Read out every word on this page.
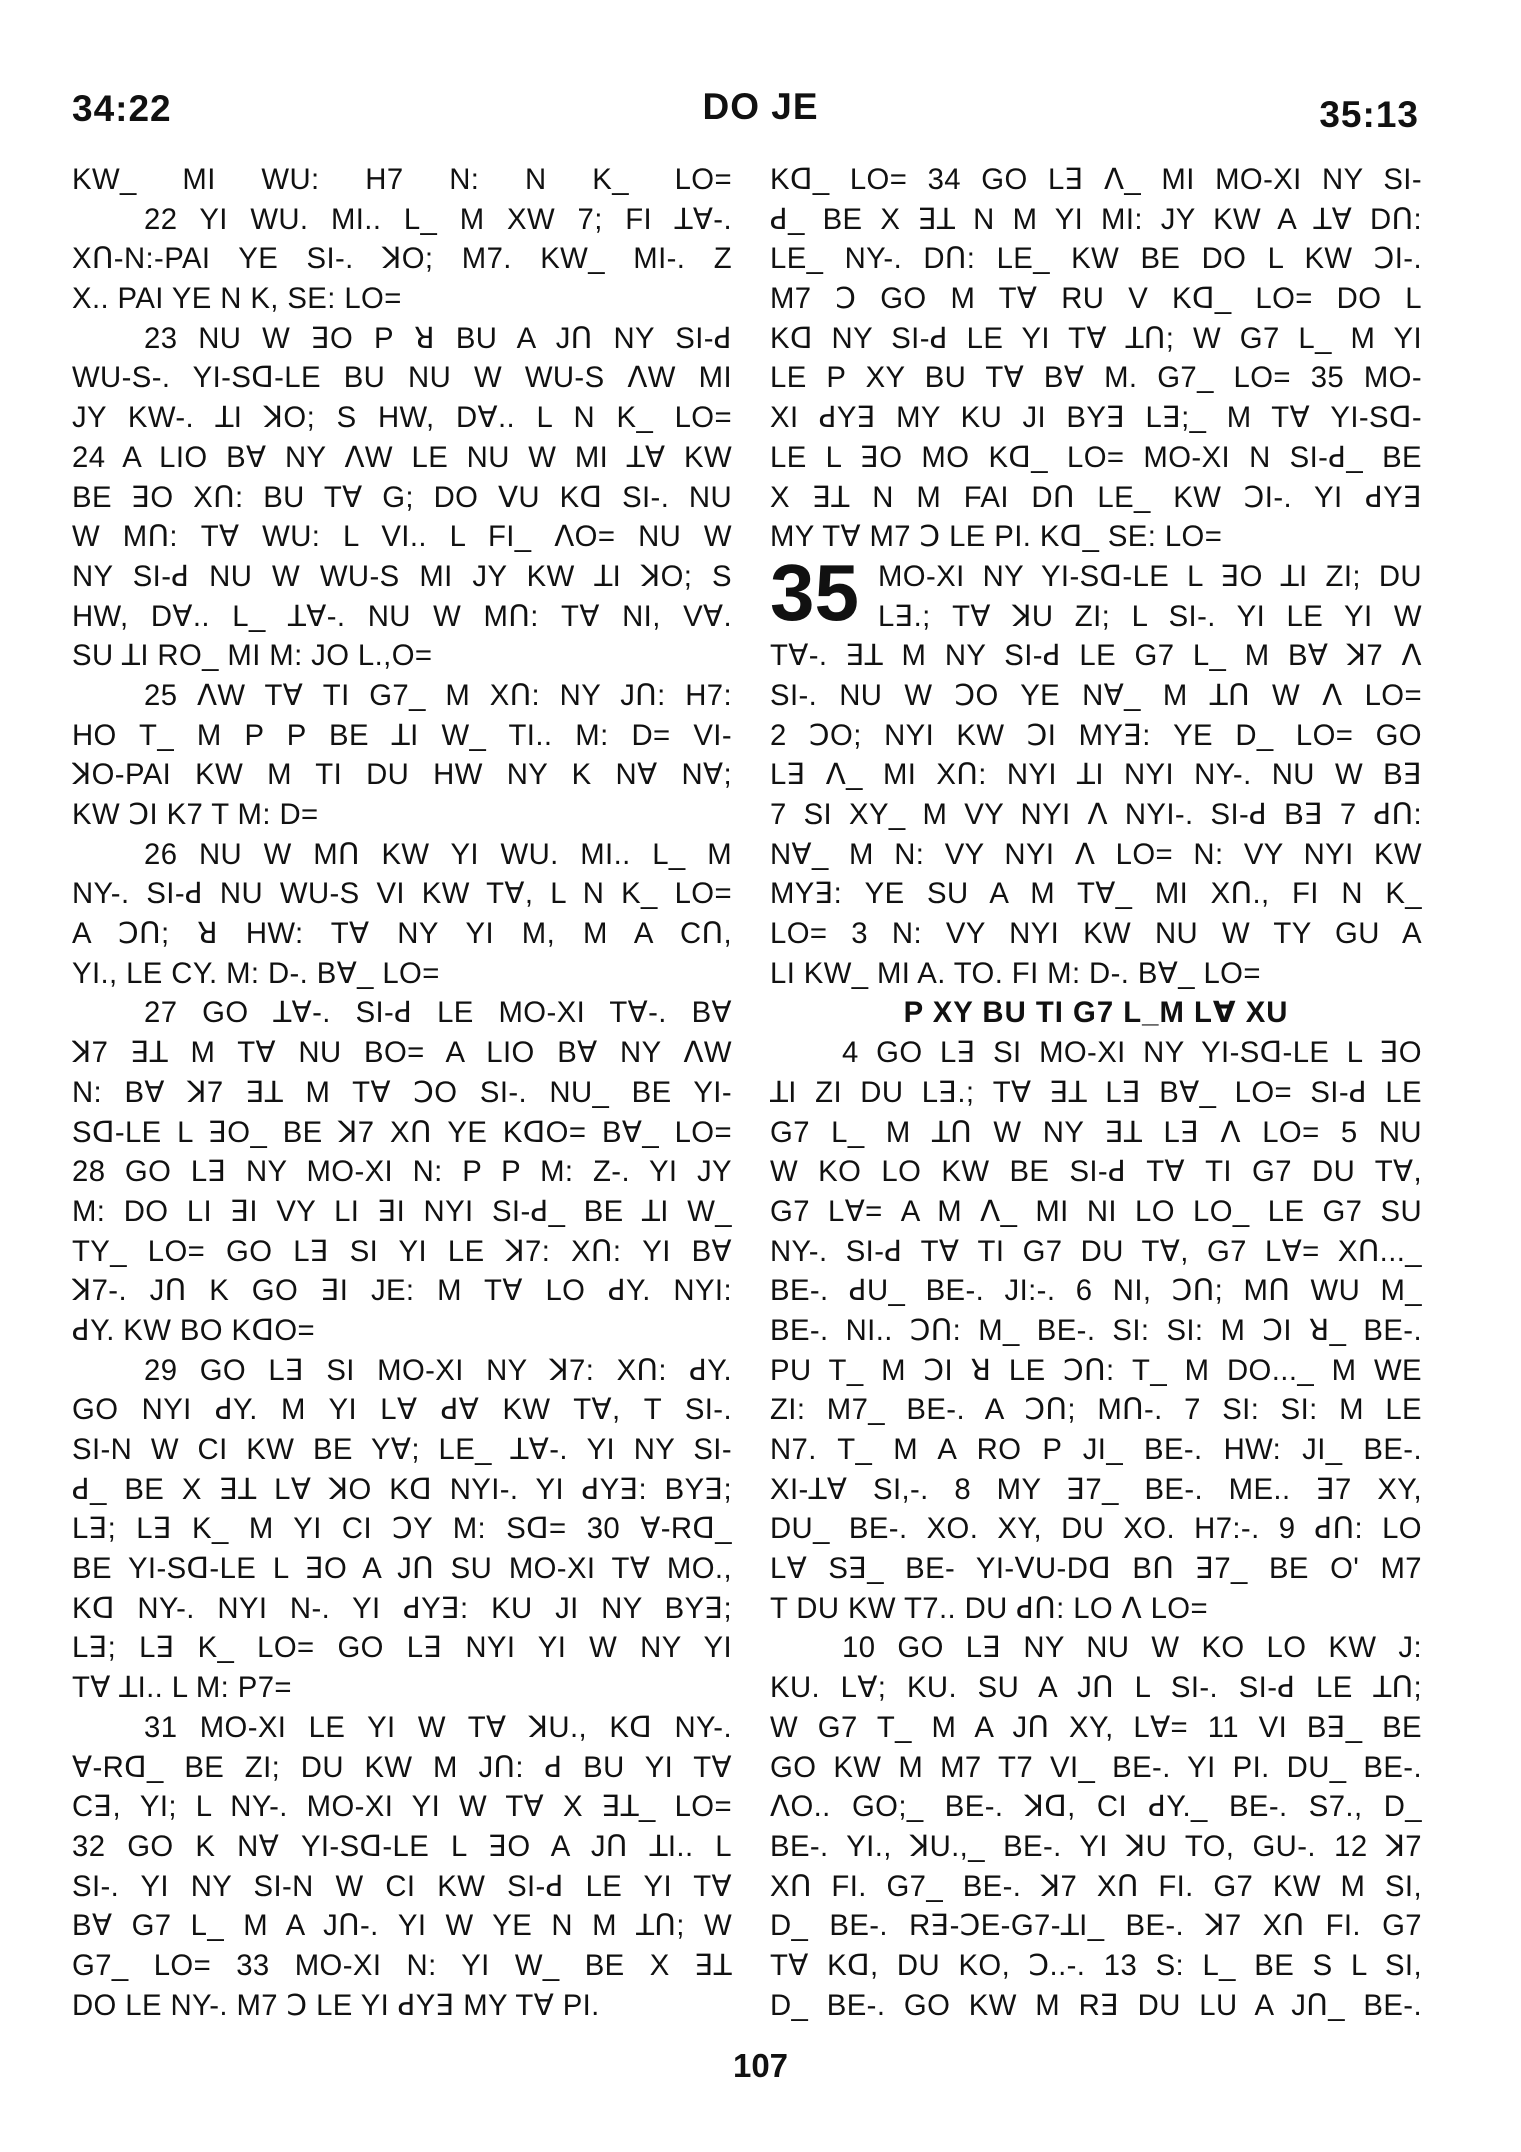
34:22	DO JE	35:13
KW_ MI WU: H7 N: N K_ LO=
22 YI WU. MI.. L_ M XW 7; FI ꓕꓯ-.
Xꓵ-N:-PAI YE SI-. ꓘO; M7. KW_ MI-. Z
X.. PAI YE N K, SE: LO=
23 NU W ꓱO P ꓤ BU A Jꓵ NY SI-ꓒ
WU-S-. YI-Sꓷ-LE BU NU W WU-S ꓥW MI
JY KW-. ꓕI ꓘO; S HW, Dꓯ.. L N K_ LO=
24 A LIO Bꓯ NY ꓥW LE NU W MI ꓕꓯ KW
BE ꓱO Xꓵ: BU Tꓯ G; DO ꓦU Kꓷ SI-. NU
W Mꓵ: Tꓯ WU: L VI.. L FI_ ꓥO= NU W
NY SI-ꓒ NU W WU-S MI JY KW ꓕI ꓘO; S
HW, Dꓯ.. L_ ꓕꓯ-. NU W Mꓵ: Tꓯ NI, Vꓯ.
SU ꓕI RO_ MI M: JO L.,O=
25 ꓥW Tꓯ TI G7_ M Xꓵ: NY Jꓵ: H7:
HO T_ M P P BE ꓕI W_ TI.. M: D= VI-
ꓘO-PAI KW M TI DU HW NY K Nꓯ Nꓯ;
KW ꓛI K7 T M: D=
26 NU W Mꓵ KW YI WU. MI.. L_ M
NY-. SI-ꓒ NU WU-S VI KW Tꓯ, L N K_ LO=
A ꓛꓵ; ꓤ HW: Tꓯ NY YI M, M A Cꓵ,
YI., LE CY. M: D-. Bꓯ_ LO=
27 GO ꓕꓯ-. SI-ꓒ LE MO-XI Tꓯ-. Bꓯ
ꓘ7 ꓱꓕ M Tꓯ NU BO= A LIO Bꓯ NY ꓥW
N: Bꓯ ꓘ7 ꓱꓕ M Tꓯ ꓛO SI-. NU_ BE YI-
Sꓷ-LE L ꓱO_ BE ꓘ7 Xꓵ YE KꓷO= Bꓯ_ LO=
28 GO Lꓱ NY MO-XI N: P P M: Z-. YI JY
M: DO LI ꓱI VY LI ꓱI NYI SI-ꓒ_ BE ꓕI W_
TY_ LO= GO Lꓱ SI YI LE ꓘ7: Xꓵ: YI Bꓯ
ꓘ7-. Jꓵ K GO ꓱI JE: M Tꓯ LO ꓒY. NYI:
ꓒY. KW BO KꓷO=
29 GO Lꓱ SI MO-XI NY ꓘ7: Xꓵ: ꓒY.
GO NYI ꓒY. M YI Lꓯ ꓒꓯ KW Tꓯ, T SI-.
SI-N W CI KW BE Yꓯ; LE_ ꓕꓯ-. YI NY SI-
ꓒ_ BE X ꓱꓕ Lꓯ ꓘO Kꓷ NYI-. YI ꓒYꓱ: BYꓱ;
Lꓱ; Lꓱ K_ M YI CI ꓛY M: Sꓷ= 30 ꓯ-Rꓷ_
BE YI-Sꓷ-LE L ꓱO A Jꓵ SU MO-XI Tꓯ MO.,
Kꓷ NY-. NYI N-. YI ꓒYꓱ: KU JI NY BYꓱ;
Lꓱ; Lꓱ K_ LO= GO Lꓱ NYI YI W NY YI
Tꓯ ꓕI.. L M: P7=
31 MO-XI LE YI W Tꓯ ꓘU., Kꓷ NY-.
ꓯ-Rꓷ_ BE ZI; DU KW M Jꓵ: ꓒ BU YI Tꓯ
Cꓱ, YI; L NY-. MO-XI YI W Tꓯ X ꓱꓕ_ LO=
32 GO K Nꓯ YI-Sꓷ-LE L ꓱO A Jꓵ ꓕI.. L
SI-. YI NY SI-N W CI KW SI-ꓒ LE YI Tꓯ
Bꓯ G7 L_ M A Jꓵ-. YI W YE N M ꓕꓵ; W
G7_ LO= 33 MO-XI N: YI W_ BE X ꓱꓕ
DO LE NY-. M7 ꓛ LE YI ꓒYꓱ MY Tꓯ PI.
Kꓷ_ LO= 34 GO Lꓱ ꓥ_ MI MO-XI NY SI-
ꓒ_ BE X ꓱꓕ N M YI MI: JY KW A ꓕꓯ Dꓵ:
LE_ NY-. Dꓵ: LE_ KW BE DO L KW ꓛI-.
M7 ꓛ GO M Tꓯ RU V Kꓷ_ LO= DO L
Kꓷ NY SI-ꓒ LE YI Tꓯ ꓕꓵ; W G7 L_ M YI
LE P XY BU Tꓯ Bꓯ M. G7_ LO= 35 MO-
XI ꓒYꓱ MY KU JI BYꓱ Lꓱ;_ M Tꓯ YI-Sꓷ-
LE L ꓱO MO Kꓷ_ LO= MO-XI N SI-ꓒ_ BE
X ꓱꓕ N M FAI Dꓵ LE_ KW ꓛI-. YI ꓒYꓱ
MY Tꓯ M7 ꓛ LE PI. Kꓷ_ SE: LO=
MO-XI NY YI-Sꓷ-LE L ꓱO ꓕI ZI; DU
Lꓱ.; Tꓯ ꓘU ZI; L SI-. YI LE YI W
Tꓯ-. ꓱꓕ M NY SI-ꓒ LE G7 L_ M Bꓯ ꓘ7 ꓥ
SI-. NU W ꓛO YE Nꓯ_ M ꓕꓵ W ꓥ LO=
2 ꓛO; NYI KW ꓛI MYꓱ: YE D_ LO= GO
Lꓱ ꓥ_ MI Xꓵ: NYI ꓕI NYI NY-. NU W Bꓱ
7 SI XY_ M VY NYI ꓥ NYI-. SI-ꓒ Bꓱ 7 ꓒꓵ:
Nꓯ_ M N: VY NYI ꓥ LO= N: VY NYI KW
MYꓱ: YE SU A M Tꓯ_ MI Xꓵ., FI N K_
LO= 3 N: VY NYI KW NU W TY GU A
LI KW_ MI A. TO. FI M: D-. Bꓯ_ LO=
P XY BU TI G7 L_M Lꓯ XU
4 GO Lꓱ SI MO-XI NY YI-Sꓷ-LE L ꓱO
ꓕI ZI DU Lꓱ.; Tꓯ ꓱꓕ Lꓱ Bꓯ_ LO= SI-ꓒ LE
G7 L_ M ꓕꓵ W NY ꓱꓕ Lꓱ ꓥ LO= 5 NU
W KO LO KW BE SI-ꓒ Tꓯ TI G7 DU Tꓯ,
G7 Lꓯ= A M ꓥ_ MI NI LO LO_ LE G7 SU
NY-. SI-ꓒ Tꓯ TI G7 DU Tꓯ, G7 Lꓯ= Xꓵ..._
BE-. ꓒU_ BE-. JI:-. 6 NI, ꓛꓵ; Mꓵ WU M_
BE-. NI.. ꓛꓵ: M_ BE-. SI: SI: M ꓛI ꓤ_ BE-.
PU T_ M ꓛI ꓤ LE ꓛꓵ: T_ M DO..._ M WE
ZI: M7_ BE-. A ꓛꓵ; Mꓵ-. 7 SI: SI: M LE
N7. T_ M A RO P JI_ BE-. HW: JI_ BE-.
XI-ꓕꓯ SI,-. 8 MY ꓱ7_ BE-. ME.. ꓱ7 XY,
DU_ BE-. XO. XY, DU XO. H7:-. 9 ꓒꓵ: LO
Lꓯ Sꓱ_ BE- YI-ꓦU-Dꓷ Bꓵ ꓱ7_ BE O' M7
T DU KW T7.. DU ꓒꓵ: LO ꓥ LO=
10 GO Lꓱ NY NU W KO LO KW J:
KU. Lꓯ; KU. SU A Jꓵ L SI-. SI-ꓒ LE ꓕꓵ;
W G7 T_ M A Jꓵ XY, Lꓯ= 11 VI Bꓱ_ BE
GO KW M M7 T7 VI_ BE-. YI PI. DU_ BE-.
ꓥO.. GO;_ BE-. ꓘꓷ, CI ꓒY._ BE-. S7., D_
BE-. YI., ꓘU.,_ BE-. YI ꓘU TO, GU-. 12 ꓘ7
Xꓵ FI. G7_ BE-. ꓘ7 Xꓵ FI. G7 KW M SI,
D_ BE-. Rꓱ-ꓛE-G7-ꓕI_ BE-. ꓘ7 Xꓵ FI. G7
Tꓯ Kꓷ, DU KO, ꓛ..-. 13 S: L_ BE S L SI,
D_ BE-. GO KW M Rꓱ DU LU A Jꓵ_ BE-.
35
107
